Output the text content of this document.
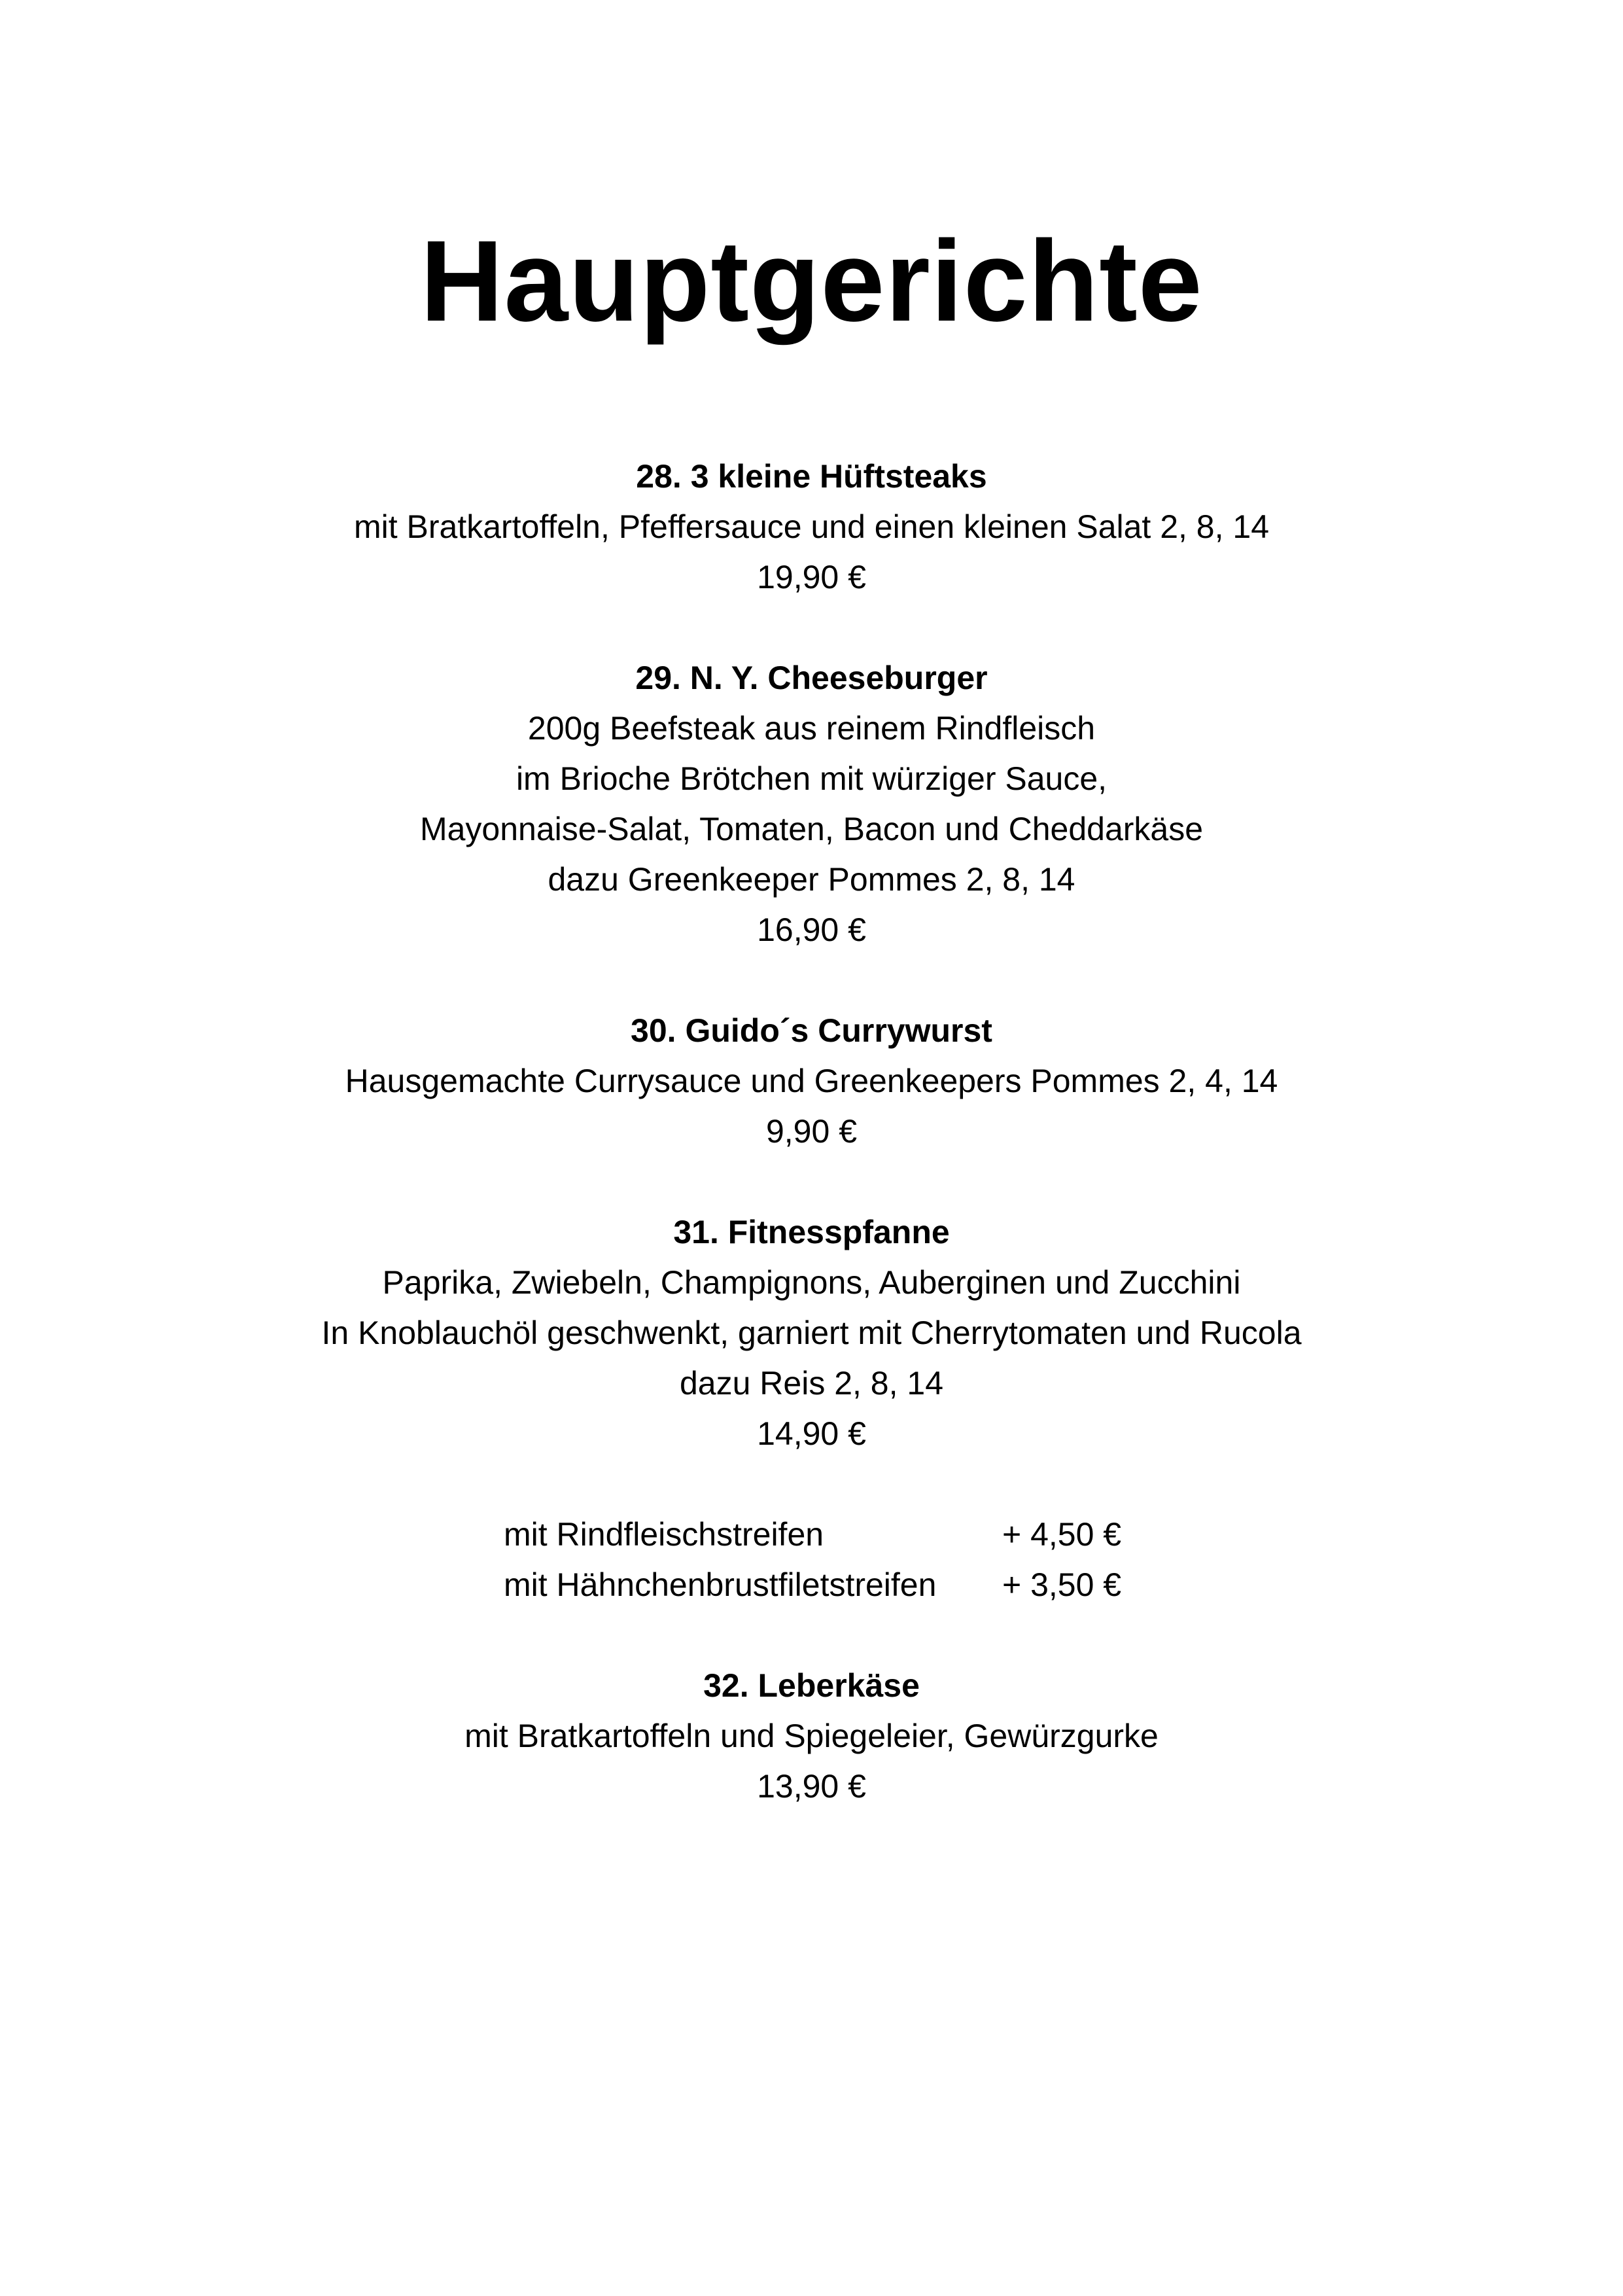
Hauptgerichte
28. 3 kleine Hüftsteaks
mit Bratkartoffeln, Pfeffersauce und einen kleinen Salat 2, 8, 14
19,90 €
29. N. Y. Cheeseburger
200g Beefsteak aus reinem Rindfleisch
im Brioche Brötchen mit würziger Sauce,
Mayonnaise-Salat, Tomaten, Bacon und Cheddarkäse
dazu Greenkeeper Pommes 2, 8, 14
16,90 €
30. Guido´s Currywurst
Hausgemachte Currysauce und Greenkeepers Pommes 2, 4, 14
9,90 €
31. Fitnesspfanne
Paprika, Zwiebeln, Champignons, Auberginen und Zucchini
In Knoblauchöl geschwenkt, garniert mit Cherrytomaten und Rucola
dazu Reis 2, 8, 14
14,90 €
mit Rindfleischstreifen	+ 4,50 €
mit Hähnchenbrustfiletstreifen + 3,50 €
32. Leberkäse
mit Bratkartoffeln und Spiegeleier, Gewürzgurke
13,90 €
